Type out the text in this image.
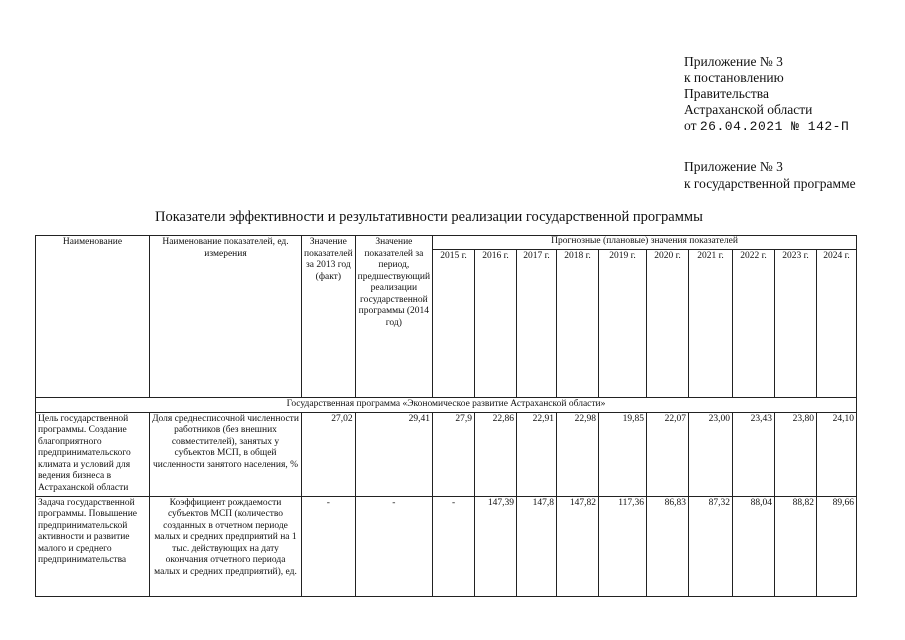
Приложение № 3
к постановлению
Правительства
Астраханской области
от 26.04.2021 № 142-П
Приложение № 3
к государственной программе
Показатели эффективности и результативности реализации государственной программы
Наименование	Наименование показателей, ед. измерения	Значение показателей за 2013 год (факт)	Значение показателей за период, предшествующий реализации государственной программы (2014 год)	Прогнозные (плановые) значения показателей									
				2015 г.	2016 г.	2017 г.	2018 г.	2019 г.	2020 г.	2021 г.	2022 г.	2023 г.	2024 г.
Государственная программа «Экономическое развитие Астраханской области»													
Цель государственной программы. Создание благоприятного предпринимательского климата и условий для ведения бизнеса в Астраханской области	Доля среднесписочной численности работников (без внешних совместителей), занятых у субъектов МСП, в общей численности занятого населения, %	27,02	29,41	27,9	22,86	22,91	22,98	19,85	22,07	23,00	23,43	23,80	24,10
Задача государственной программы. Повышение предпринимательской активности и развитие малого и среднего предпринимательства	Коэффициент рождаемости субъектов МСП (количество созданных в отчетном периоде малых и средних предприятий на 1 тыс. действующих на дату окончания отчетного периода малых и средних предприятий), ед.	-	-	-	147,39	147,8	147,82	117,36	86,83	87,32	88,04	88,82	89,66
